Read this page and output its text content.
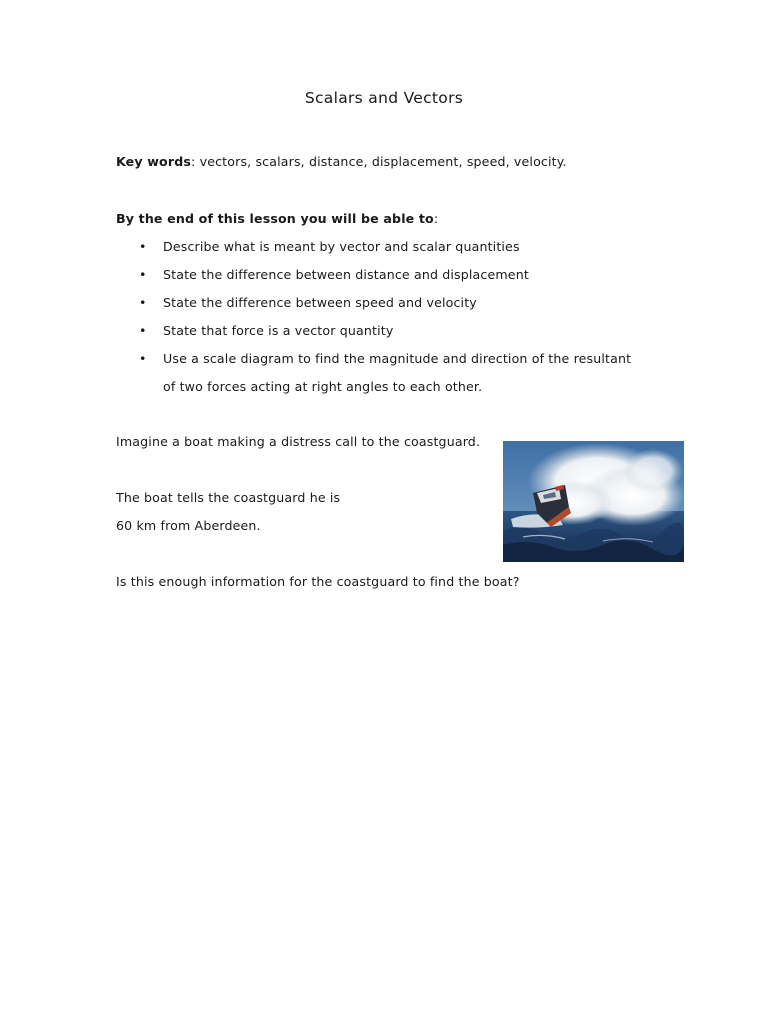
Scalars and Vectors
Key words: vectors, scalars, distance, displacement, speed, velocity.
By the end of this lesson you will be able to:
• Describe what is meant by vector and scalar quantities
• State the difference between distance and displacement
• State the difference between speed and velocity
• State that force is a vector quantity
• Use a scale diagram to find the magnitude and direction of the resultant
of two forces acting at right angles to each other.
Imagine a boat making a distress call to the coastguard.
The boat tells the coastguard he is
60 km from Aberdeen.
Is this enough information for the coastguard to find the boat?
